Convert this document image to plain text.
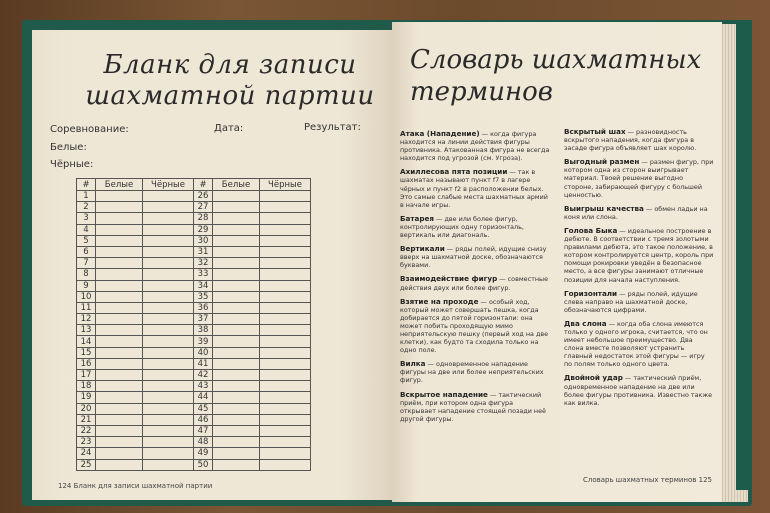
Бланк для записи шахматной партии
Соревнование:	Дата:	Результат:
Белые:
Чёрные:
#	Белые	Чёрные	#	Белые	Чёрные
1			26		
2			27		
3			28		
4			29		
5			30		
6			31		
7			32		
8			33		
9			34		
10			35		
11			36		
12			37		
13			38		
14			39		
15			40		
16			41		
17			42		
18			43		
19			44		
20			45		
21			46		
22			47		
23			48		
24			49		
25			50		
124 Бланк для записи шахматной партии
Словарь шахматных терминов
Атака (Нападение) — когда фигура находится на линии действия фигуры противника. Атакованная фигура не всегда находится под угрозой (см. Угроза).
Ахиллесова пята позиции — так в шахматах называют пункт f7 в лагере чёрных и пункт f2 в расположении белых. Это самые слабые места шахматных армий в начале игры.
Батарея — две или более фигур, контролирующих одну горизонталь, вертикаль или диагональ.
Вертикали — ряды полей, идущие снизу вверх на шахматной доске, обозначаются буквами.
Взаимодействие фигур — совместные действия двух или более фигур.
Взятие на проходе — особый ход, который может совершать пешка, когда добирается до пятой горизонтали: она может побить проходящую мимо неприятельскую пешку (первый ход на две клетки), как будто та сходила только на одно поле.
Вилка — одновременное нападение фигуры на две или более неприятельских фигур.
Вскрытое нападение — тактический приём, при котором одна фигура открывает нападение стоящей позади неё другой фигуры.
Вскрытый шах — разновидность вскрытого нападения, когда фигура в засаде фигура объявляет шах королю.
Выгодный размен — размен фигур, при котором одна из сторон выигрывает материал. Твоей решение выгодно стороне, забирающей фигуру с большей ценностью.
Выигрыш качества — обмен ладьи на коня или слона.
Голова Быка — идеальное построение в дебюте. В соответствии с тремя золотыми правилами дебюта, это такое положение, в котором контролируется центр, король при помощи рокировки уведён в безопасное место, а все фигуры занимают отличные позиции для начала наступления.
Горизонтали — ряды полей, идущие слева направо на шахматной доске, обозначаются цифрами.
Два слона — когда оба слона имеются только у одного игрока, считается, что он имеет небольшое преимущество. Два слона вместе позволяют устранить главный недостаток этой фигуры — игру по полям только одного цвета.
Двойной удар — тактический приём, одновременное нападение на две или более фигуры противника. Известно также как вилка.
Словарь шахматных терминов 125
